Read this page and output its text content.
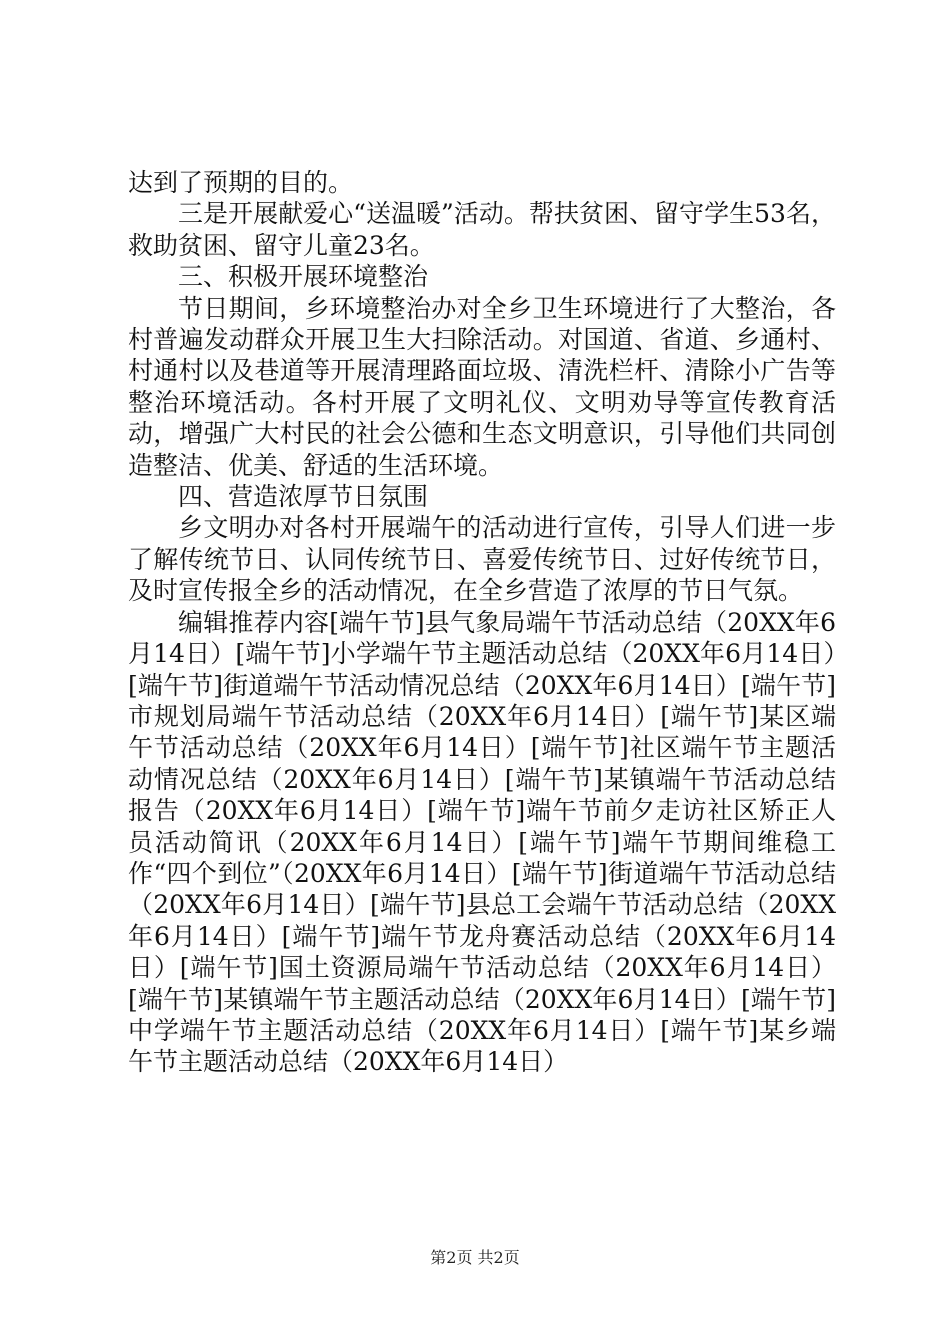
达到了预期的目的。

三是开展献爱心“送温暖”活动。帮扶贫困、留守学生53名，救助贫困、留守儿童23名。

三、积极开展环境整治

节日期间，乡环境整治办对全乡卫生环境进行了大整治，各村普遍发动群众开展卫生大扫除活动。对国道、省道、乡通村、村通村以及巷道等开展清理路面垃圾、清洗栏杆、清除小广告等整治环境活动。各村开展了文明礼仪、文明劝导等宣传教育活动，增强广大村民的社会公德和生态文明意识，引导他们共同创造整洁、优美、舒适的生活环境。

四、营造浓厚节日氛围

乡文明办对各村开展端午的活动进行宣传，引导人们进一步了解传统节日、认同传统节日、喜爱传统节日、过好传统节日，及时宣传报全乡的活动情况，在全乡营造了浓厚的节日气氛。

编辑推荐内容[端午节]县气象局端午节活动总结（20XX年6月14日）[端午节]小学端午节主题活动总结（20XX年6月14日）[端午节]街道端午节活动情况总结（20XX年6月14日）[端午节]市规划局端午节活动总结（20XX年6月14日）[端午节]某区端午节活动总结（20XX年6月14日）[端午节]社区端午节主题活动情况总结（20XX年6月14日）[端午节]某镇端午节活动总结报告（20XX年6月14日）[端午节]端午节前夕走访社区矫正人员活动简讯（20XX年6月14日）[端午节]端午节期间维稳工作“四个到位”（20XX年6月14日）[端午节]街道端午节活动总结（20XX年6月14日）[端午节]县总工会端午节活动总结（20XX年6月14日）[端午节]端午节龙舟赛活动总结（20XX年6月14日）[端午节]国土资源局端午节活动总结（20XX年6月14日）[端午节]某镇端午节主题活动总结（20XX年6月14日）[端午节]中学端午节主题活动总结（20XX年6月14日）[端午节]某乡端午节主题活动总结（20XX年6月14日）

第2页 共2页
